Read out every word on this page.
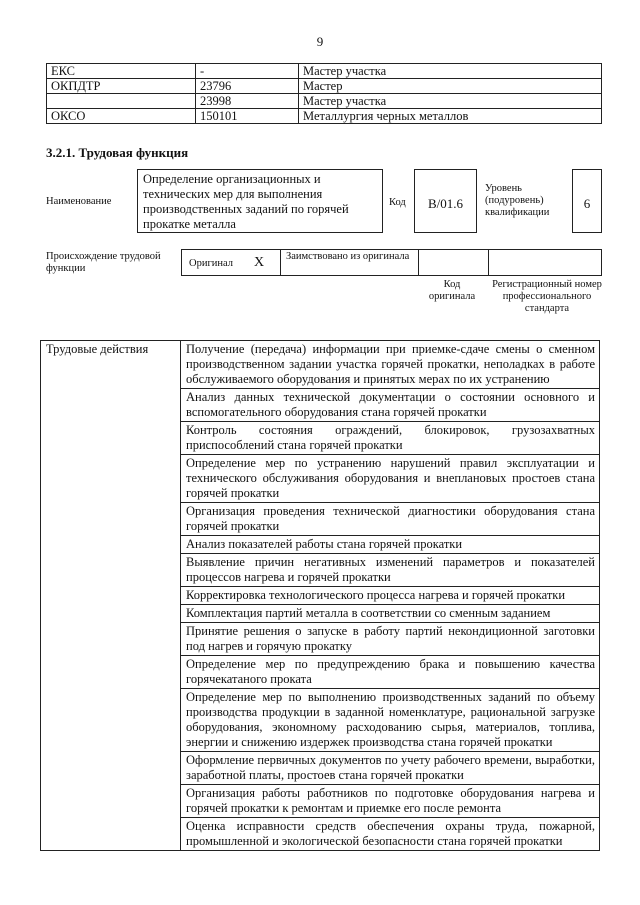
9
ЕКС	-	Мастер участка
ОКПДТР	23796	Мастер
	23998	Мастер участка
ОКСО	150101	Металлургия черных металлов
3.2.1. Трудовая функция
Наименование
Определение организационных и технических мер для выполнения производственных заданий по горячей прокатке металла
Код	B/01.6
Уровень (подуровень) квалификации
6
Происхождение трудовой функции	Оригинал X Заимствовано из оригинала
Код оригинала
Регистрационный номер профессионального стандарта
Трудовые действия	Получение (передача) информации при приемке-сдаче смены о сменном производственном задании участка горячей прокатки, неполадках в работе обслуживаемого оборудования и принятых мерах по их устранению
Анализ данных технической документации о состоянии основного и вспомогательного оборудования стана горячей прокатки
Контроль состояния ограждений, блокировок, грузозахватных приспособлений стана горячей прокатки
Определение мер по устранению нарушений правил эксплуатации и технического обслуживания оборудования и внеплановых простоев стана горячей прокатки
Организация проведения технической диагностики оборудования стана горячей прокатки
Анализ показателей работы стана горячей прокатки
Выявление причин негативных изменений параметров и показателей процессов нагрева и горячей прокатки
Корректировка технологического процесса нагрева и горячей прокатки
Комплектация партий металла в соответствии со сменным заданием
Принятие решения о запуске в работу партий некондиционной заготовки под нагрев и горячую прокатку
Определение мер по предупреждению брака и повышению качества горячекатаного проката
Определение мер по выполнению производственных заданий по объему производства продукции в заданной номенклатуре, рациональной загрузке оборудования, экономному расходованию сырья, материалов, топлива, энергии и снижению издержек производства стана горячей прокатки
Оформление первичных документов по учету рабочего времени, выработки, заработной платы, простоев стана горячей прокатки
Организация работы работников по подготовке оборудования нагрева и горячей прокатки к ремонтам и приемке его после ремонта
Оценка исправности средств обеспечения охраны труда, пожарной, промышленной и экологической безопасности стана горячей прокатки
